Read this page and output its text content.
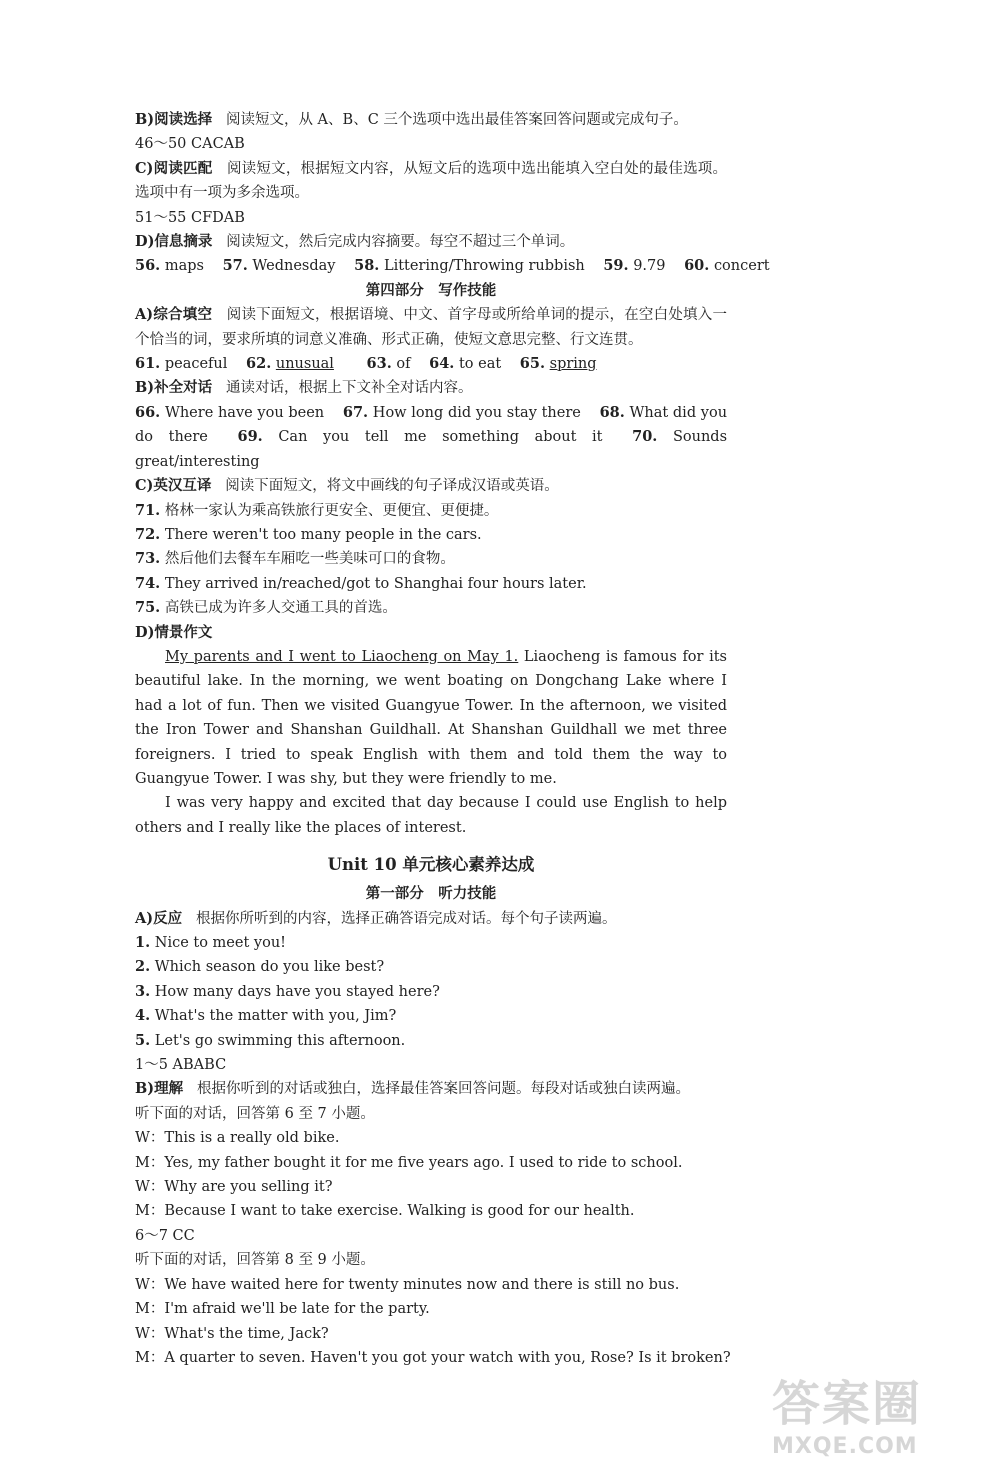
B)阅读选择 阅读短文，从 A、B、C 三个选项中选出最佳答案回答问题或完成句子。
46～50 CACAB
C)阅读匹配 阅读短文，根据短文内容，从短文后的选项中选出能填入空白处的最佳选项。选项中有一项为多余选项。
51～55 CFDAB
D)信息摘录 阅读短文，然后完成内容摘要。每空不超过三个单词。
56. maps 57. Wednesday 58. Littering/Throwing rubbish 59. 9.79 60. concert
第四部分　写作技能
A)综合填空 阅读下面短文，根据语境、中文、首字母或所给单词的提示，在空白处填入一个恰当的词，要求所填的词意义准确、形式正确，使短文意思完整、行文连贯。
61. peaceful 62. unusual 63. of 64. to eat 65. spring
B)补全对话 通读对话，根据上下文补全对话内容。
66. Where have you been 67. How long did you stay there 68. What did you do there 69. Can you tell me something about it 70. Sounds great/interesting
C)英汉互译 阅读下面短文，将文中画线的句子译成汉语或英语。
71. 格林一家认为乘高铁旅行更安全、更便宜、更便捷。
72. There weren't too many people in the cars.
73. 然后他们去餐车车厢吃一些美味可口的食物。
74. They arrived in/reached/got to Shanghai four hours later.
75. 高铁已成为许多人交通工具的首选。
D)情景作文
My parents and I went to Liaocheng on May 1. Liaocheng is famous for its beautiful lake. In the morning, we went boating on Dongchang Lake where I had a lot of fun. Then we visited Guangyue Tower. In the afternoon, we visited the Iron Tower and Shanshan Guildhall. At Shanshan Guildhall we met three foreigners. I tried to speak English with them and told them the way to Guangyue Tower. I was shy, but they were friendly to me.
I was very happy and excited that day because I could use English to help others and I really like the places of interest.
Unit 10 单元核心素养达成
第一部分　听力技能
A)反应 根据你所听到的内容，选择正确答语完成对话。每个句子读两遍。
1. Nice to meet you!
2. Which season do you like best?
3. How many days have you stayed here?
4. What's the matter with you, Jim?
5. Let's go swimming this afternoon.
1～5 ABABC
B)理解 根据你听到的对话或独白，选择最佳答案回答问题。每段对话或独白读两遍。
听下面的对话，回答第 6 至 7 小题。
W：This is a really old bike.
M：Yes, my father bought it for me five years ago. I used to ride to school.
W：Why are you selling it?
M：Because I want to take exercise. Walking is good for our health.
6～7 CC
听下面的对话，回答第 8 至 9 小题。
W：We have waited here for twenty minutes now and there is still no bus.
M：I'm afraid we'll be late for the party.
W：What's the time, Jack?
M：A quarter to seven. Haven't you got your watch with you, Rose? Is it broken?
答案圈
MXQE.COM
